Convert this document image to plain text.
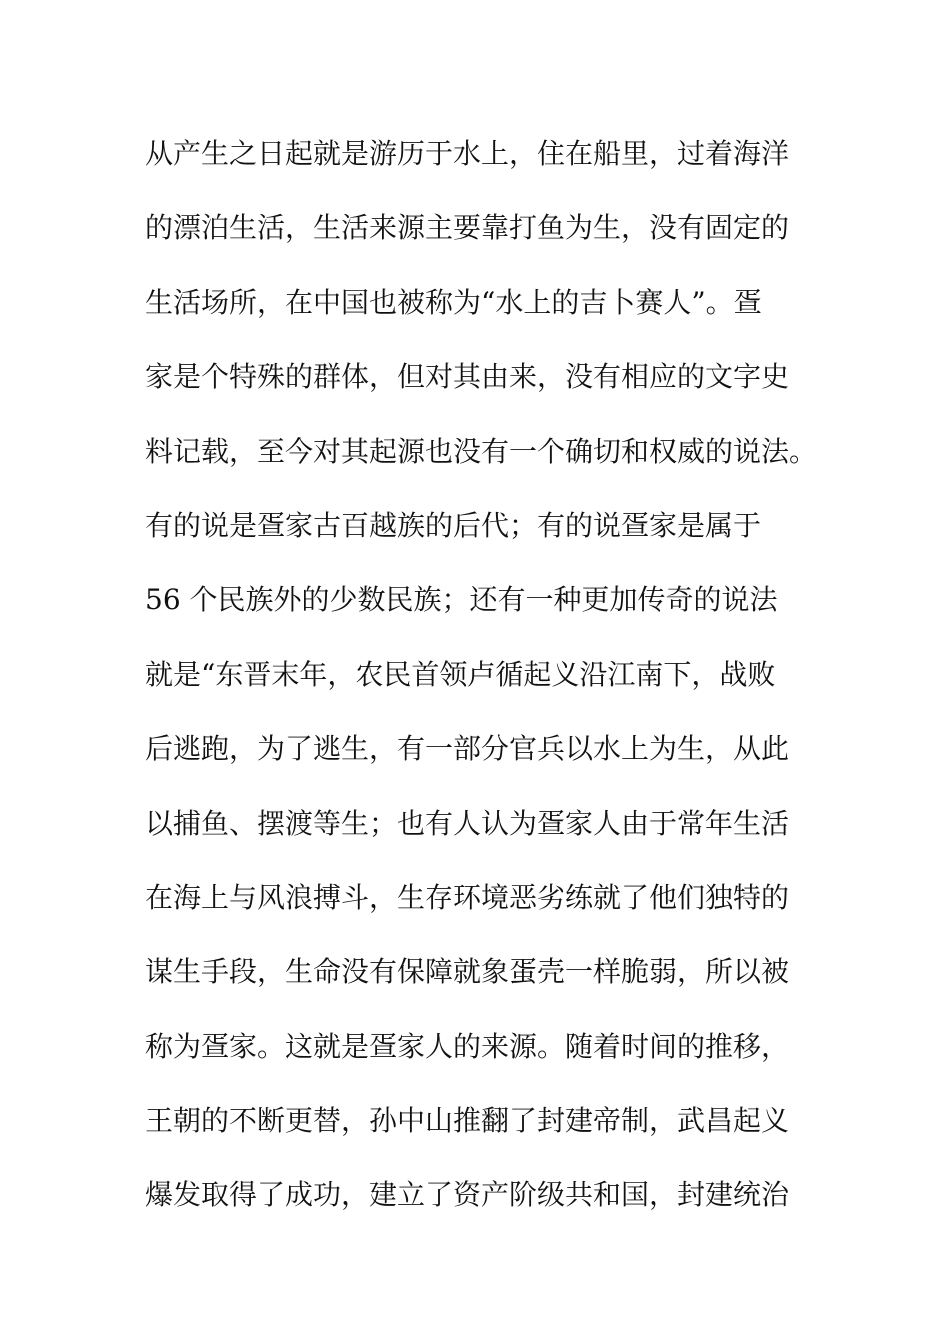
从产生之日起就是游历于水上，住在船里，过着海洋
的漂泊生活，生活来源主要靠打鱼为生，没有固定的
生活场所，在中国也被称为“水上的吉卜赛人”。疍
家是个特殊的群体，但对其由来，没有相应的文字史
料记载，至今对其起源也没有一个确切和权威的说法。
有的说是疍家古百越族的后代；有的说疍家是属于
56 个民族外的少数民族；还有一种更加传奇的说法
就是“东晋末年，农民首领卢循起义沿江南下，战败
后逃跑，为了逃生，有一部分官兵以水上为生，从此
以捕鱼、摆渡等生；也有人认为疍家人由于常年生活
在海上与风浪搏斗，生存环境恶劣练就了他们独特的
谋生手段，生命没有保障就象蛋壳一样脆弱，所以被
称为疍家。这就是疍家人的来源。随着时间的推移，
王朝的不断更替，孙中山推翻了封建帝制，武昌起义
爆发取得了成功，建立了资产阶级共和国，封建统治
